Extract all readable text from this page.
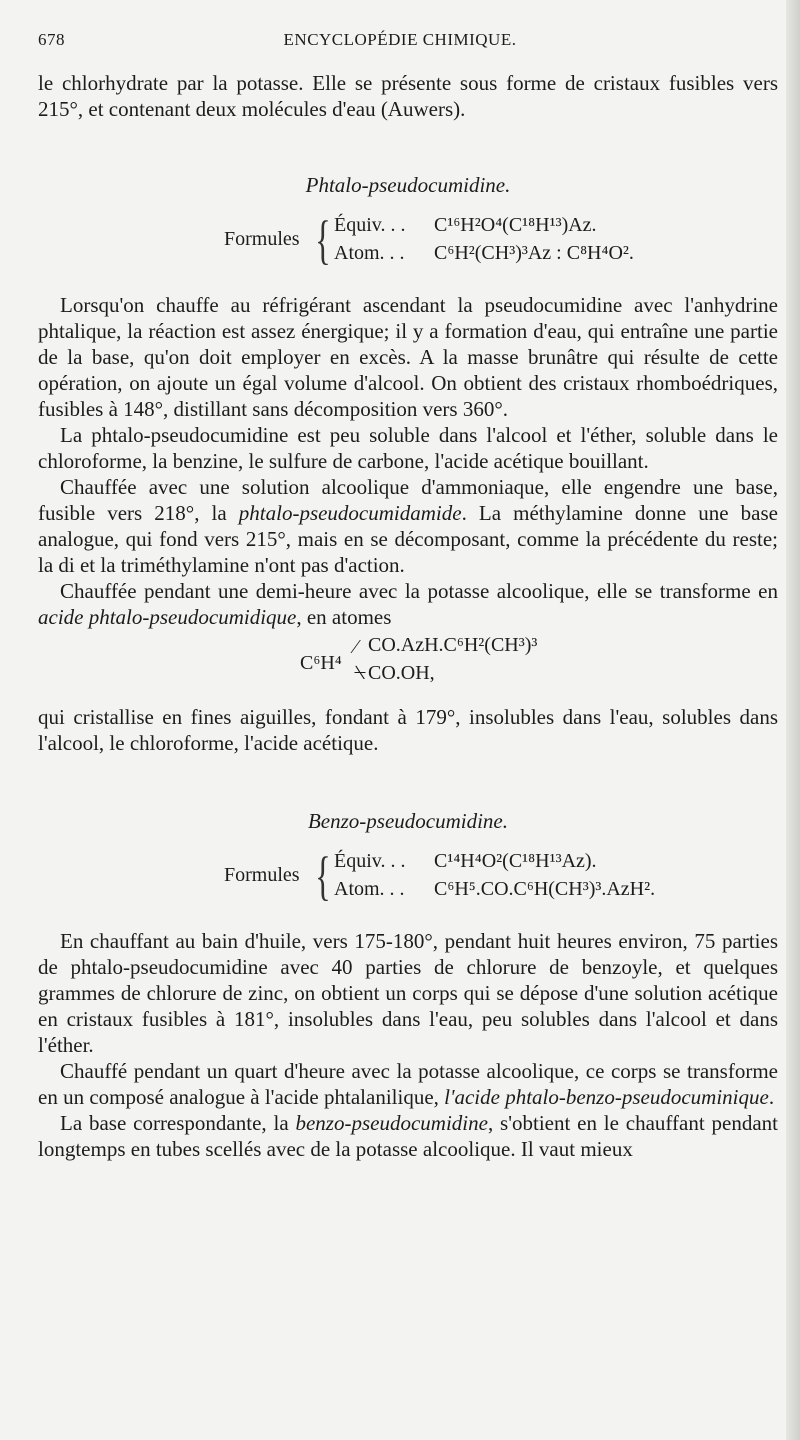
678	ENCYCLOPÉDIE CHIMIQUE.

le chlorhydrate par la potasse. Elle se présente sous forme de cristaux fusibles vers 215°, et contenant deux molécules d'eau (Auwers).

Phtalo-pseudocumidine.

Formules { Équiv. . . C¹⁶H²O⁴(C¹⁸H¹³)Az.
Atom. . . C⁶H²(CH³)³Az : C⁸H⁴O².

Lorsqu'on chauffe au réfrigérant ascendant la pseudocumidine avec l'anhydrine phtalique, la réaction est assez énergique; il y a formation d'eau, qui entraîne une partie de la base, qu'on doit employer en excès. A la masse brunâtre qui résulte de cette opération, on ajoute un égal volume d'alcool. On obtient des cristaux rhomboédriques, fusibles à 148°, distillant sans décomposition vers 360°.

La phtalo-pseudocumidine est peu soluble dans l'alcool et l'éther, soluble dans le chloroforme, la benzine, le sulfure de carbone, l'acide acétique bouillant.

Chauffée avec une solution alcoolique d'ammoniaque, elle engendre une base, fusible vers 218°, la phtalo-pseudocumidamide. La méthylamine donne une base analogue, qui fond vers 215°, mais en se décomposant, comme la précédente du reste; la di et la triméthylamine n'ont pas d'action.

Chauffée pendant une demi-heure avec la potasse alcoolique, elle se transforme en acide phtalo-pseudocumidique, en atomes

C⁶H⁴
⁄
⍀
CO.AzH.C⁶H²(CH³)³
CO.OH,

qui cristallise en fines aiguilles, fondant à 179°, insolubles dans l'eau, solubles dans l'alcool, le chloroforme, l'acide acétique.

Benzo-pseudocumidine.

Formules { Équiv. . . C¹⁴H⁴O²(C¹⁸H¹³Az).
Atom. . . C⁶H⁵.CO.C⁶H(CH³)³.AzH².

En chauffant au bain d'huile, vers 175-180°, pendant huit heures environ, 75 parties de phtalo-pseudocumidine avec 40 parties de chlorure de benzoyle, et quelques grammes de chlorure de zinc, on obtient un corps qui se dépose d'une solution acétique en cristaux fusibles à 181°, insolubles dans l'eau, peu solubles dans l'alcool et dans l'éther.

Chauffé pendant un quart d'heure avec la potasse alcoolique, ce corps se transforme en un composé analogue à l'acide phtalanilique, l'acide phtalo-benzo-pseudocuminique.

La base correspondante, la benzo-pseudocumidine, s'obtient en le chauffant pendant longtemps en tubes scellés avec de la potasse alcoolique. Il vaut mieux
